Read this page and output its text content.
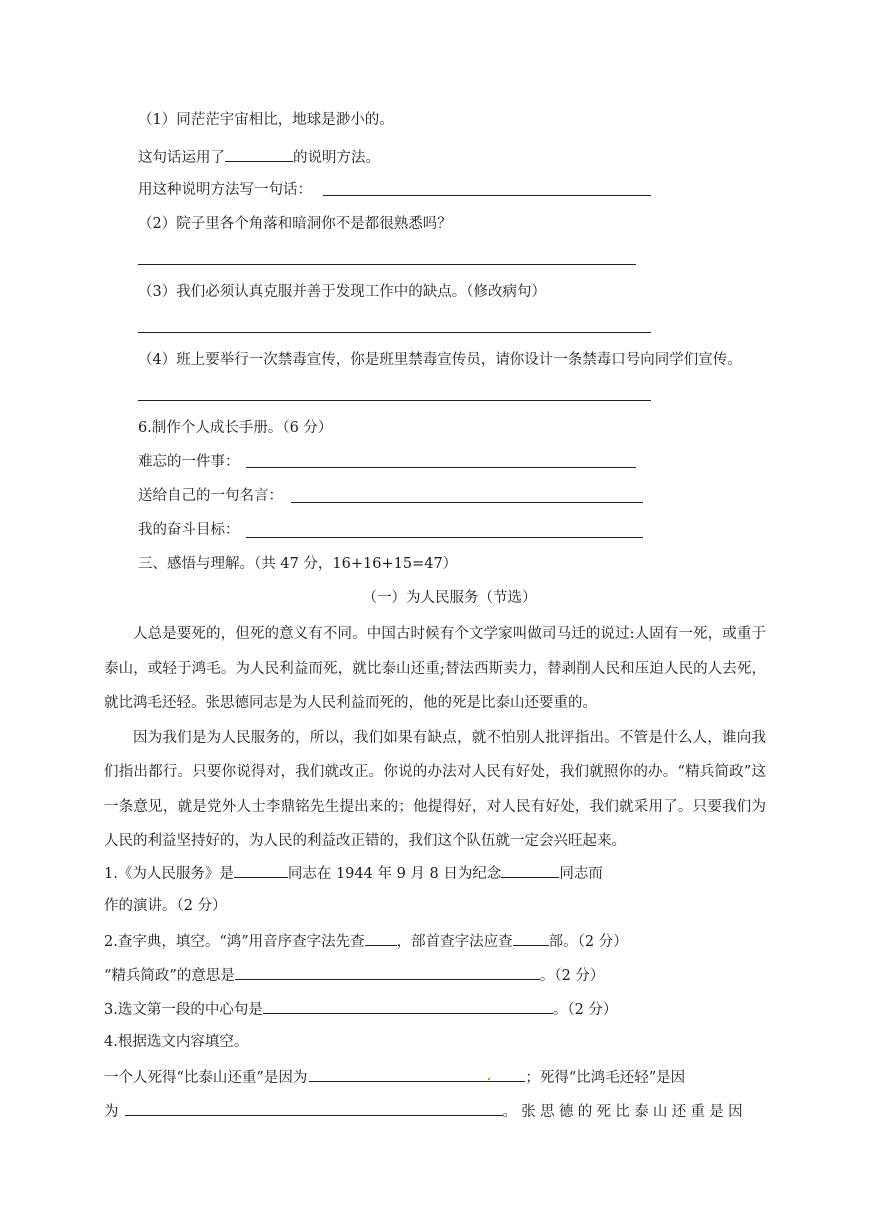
（1）同茫茫宇宙相比，地球是渺小的。
这句话运用了	的说明方法。
用这种说明方法写一句话：
（2）院子里各个角落和暗洞你不是都很熟悉吗？
（3）我们必须认真克服并善于发现工作中的缺点。（修改病句）
（4）班上要举行一次禁毒宣传，你是班里禁毒宣传员，请你设计一条禁毒口号向同学们宣传。
6.制作个人成长手册。（6 分）
难忘的一件事：
送给自己的一句名言：
我的奋斗目标：
三、感悟与理解。（共 47 分，16+16+15=47）
（一）为人民服务（节选）

人总是要死的，但死的意义有不同。中国古时候有个文学家叫做司马迁的说过:人固有一死，或重于泰山，或轻于鸿毛。为人民利益而死，就比泰山还重;替法西斯卖力，替剥削人民和压迫人民的人去死，就比鸿毛还轻。张思德同志是为人民利益而死的，他的死是比泰山还要重的。

因为我们是为人民服务的，所以，我们如果有缺点，就不怕别人批评指出。不管是什么人，谁向我们指出都行。只要你说得对，我们就改正。你说的办法对人民有好处，我们就照你的办。“精兵简政”这一条意见，就是党外人士李鼎铭先生提出来的；他提得好，对人民有好处，我们就采用了。只要我们为人民的利益坚持好的，为人民的利益改正错的，我们这个队伍就一定会兴旺起来。

1.《为人民服务》是	同志在 1944 年 9 月 8 日为纪念	同志而
作的演讲。（2 分）
2.查字典，填空。“鸿”用音序查字法先查 ，部首查字法应查 部。（2 分）
“精兵简政”的意思是	。（2 分）
3.选文第一段的中心句是	。（2 分）
4.根据选文内容填空。
一个人死得“比泰山还重”是因为	；死得“比鸿毛还轻”是因
为	。张思德的死比泰山还重是因
